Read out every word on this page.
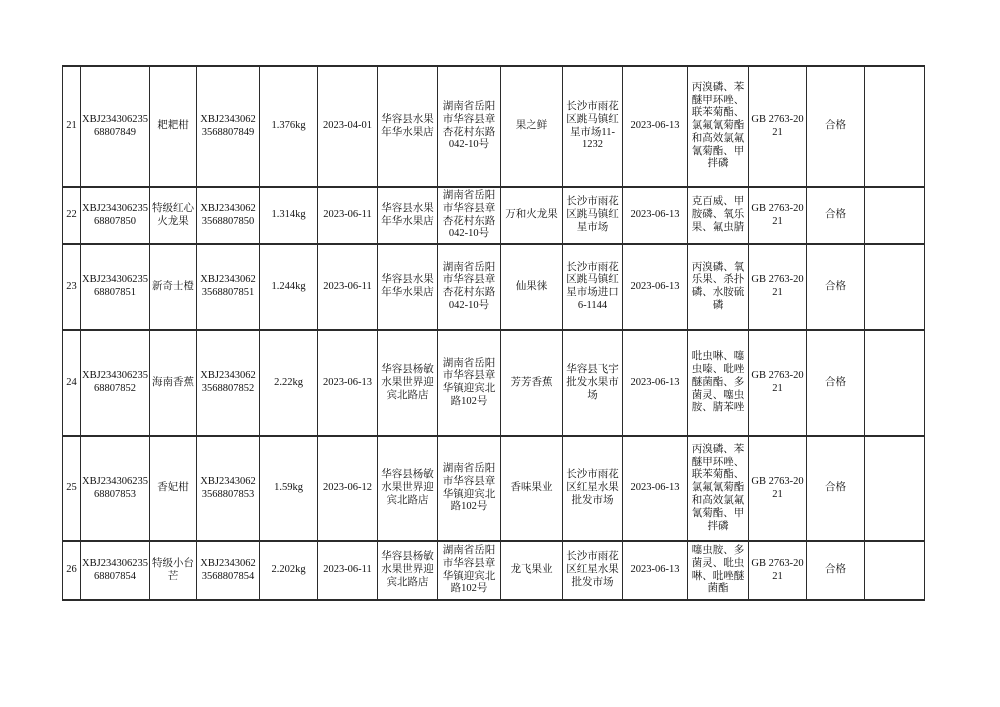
21	XBJ23430623568807849	耙耙柑	XBJ23430623568807849	1.376kg	2023-04-01	华容县水果年华水果店	湖南省岳阳市华容县章杏花村东路042-10号	果之鲜	长沙市雨花区跳马镇红星市场11-1232	2023-06-13	丙溴磷、苯醚甲环唑、联苯菊酯、氯氟氰菊酯和高效氯氟氰菊酯、甲拌磷	GB 2763-2021	合格	
22	XBJ23430623568807850	特级红心火龙果	XBJ23430623568807850	1.314kg	2023-06-11	华容县水果年华水果店	湖南省岳阳市华容县章杏花村东路042-10号	万和火龙果	长沙市雨花区跳马镇红星市场	2023-06-13	克百威、甲胺磷、氧乐果、氟虫腈	GB 2763-2021	合格	
23	XBJ23430623568807851	新奇士橙	XBJ23430623568807851	1.244kg	2023-06-11	华容县水果年华水果店	湖南省岳阳市华容县章杏花村东路042-10号	仙果徕	长沙市雨花区跳马镇红星市场进口6-1144	2023-06-13	丙溴磷、氧乐果、杀扑磷、水胺硫磷	GB 2763-2021	合格	
24	XBJ23430623568807852	海南香蕉	XBJ23430623568807852	2.22kg	2023-06-13	华容县杨敏水果世界迎宾北路店	湖南省岳阳市华容县章华镇迎宾北路102号	芳芳香蕉	华容县飞宇批发水果市场	2023-06-13	吡虫啉、噻虫嗪、吡唑醚菌酯、多菌灵、噻虫胺、腈苯唑	GB 2763-2021	合格	
25	XBJ23430623568807853	香妃柑	XBJ23430623568807853	1.59kg	2023-06-12	华容县杨敏水果世界迎宾北路店	湖南省岳阳市华容县章华镇迎宾北路102号	香味果业	长沙市雨花区红星水果批发市场	2023-06-13	丙溴磷、苯醚甲环唑、联苯菊酯、氯氟氰菊酯和高效氯氟氰菊酯、甲拌磷	GB 2763-2021	合格	
26	XBJ23430623568807854	特级小台芒	XBJ23430623568807854	2.202kg	2023-06-11	华容县杨敏水果世界迎宾北路店	湖南省岳阳市华容县章华镇迎宾北路102号	龙飞果业	长沙市雨花区红星水果批发市场	2023-06-13	噻虫胺、多菌灵、吡虫啉、吡唑醚菌酯	GB 2763-2021	合格	
